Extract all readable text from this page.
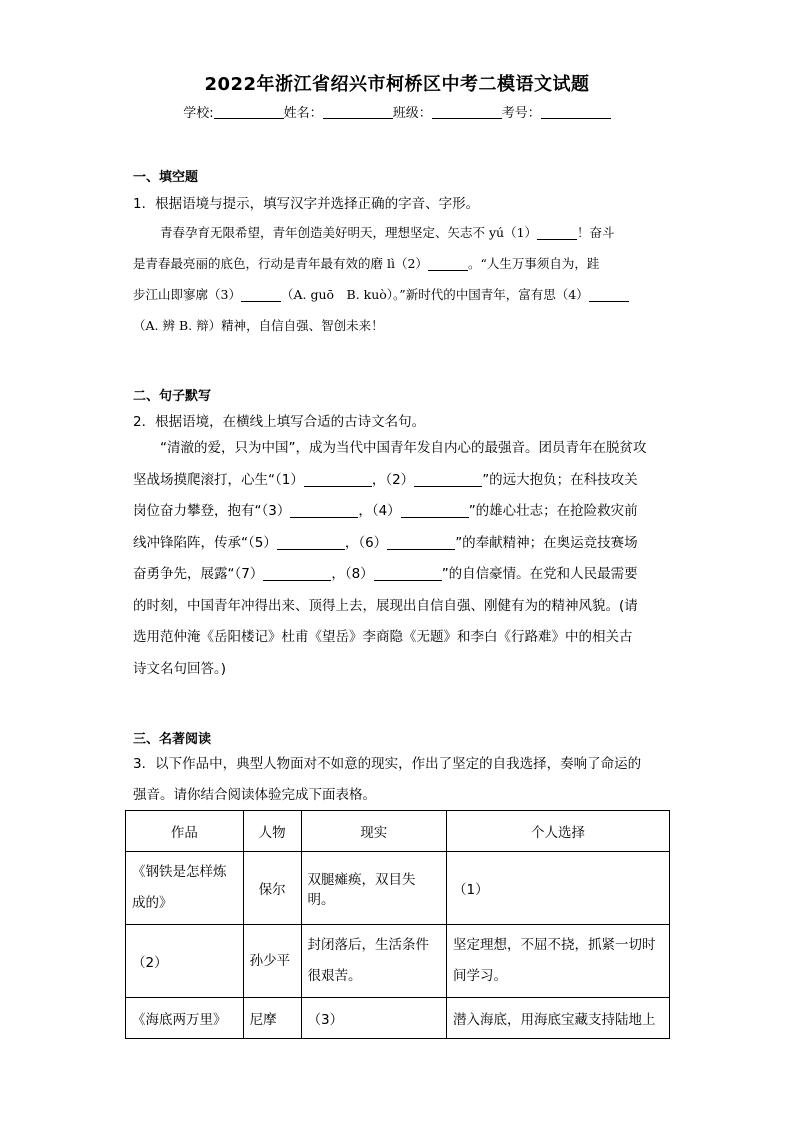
2022年浙江省绍兴市柯桥区中考二模语文试题
学校:	姓名：	班级：	考号：
一、填空题
1．根据语境与提示，填写汉字并选择正确的字音、字形。
青春孕育无限希望，青年创造美好明天，理想坚定、矢志不 yú（1）	！奋斗
是青春最亮丽的底色，行动是青年最有效的磨 lì（2）	。“人生万事须自为，跬
步江山即寥廓（3）	（A. guō　B. kuò）。”新时代的中国青年，富有思（4）
（A. 辨 B. 辩）精神，自信自强、智创未来！
二、句子默写
2．根据语境，在横线上填写合适的古诗文名句。
“清澈的爱，只为中国”，成为当代中国青年发自内心的最强音。团员青年在脱贫攻
坚战场摸爬滚打，心生“（1）	，（2）	”的远大抱负；在科技攻关
岗位奋力攀登，抱有“（3）	，（4）	”的雄心壮志；在抢险救灾前
线冲锋陷阵，传承“（5）	，（6）	”的奉献精神；在奥运竞技赛场
奋勇争先，展露“（7）	，（8）	”的自信豪情。在党和人民最需要
的时刻，中国青年冲得出来、顶得上去，展现出自信自强、刚健有为的精神风貌。(请
选用范仲淹《岳阳楼记》杜甫《望岳》李商隐《无题》和李白《行路难》中的相关古
诗文名句回答。)
三、名著阅读
3．以下作品中，典型人物面对不如意的现实，作出了坚定的自我选择，奏响了命运的
强音。请你结合阅读体验完成下面表格。
作品	人物	现实	个人选择
《钢铁是怎样炼成的》	保尔	双腿瘫痪，双目失明。	（1）
（2）	孙少平	封闭落后，生活条件很艰苦。	坚定理想，不屈不挠，抓紧一切时间学习。
《海底两万里》	尼摩	（3）	潜入海底，用海底宝藏支持陆地上
